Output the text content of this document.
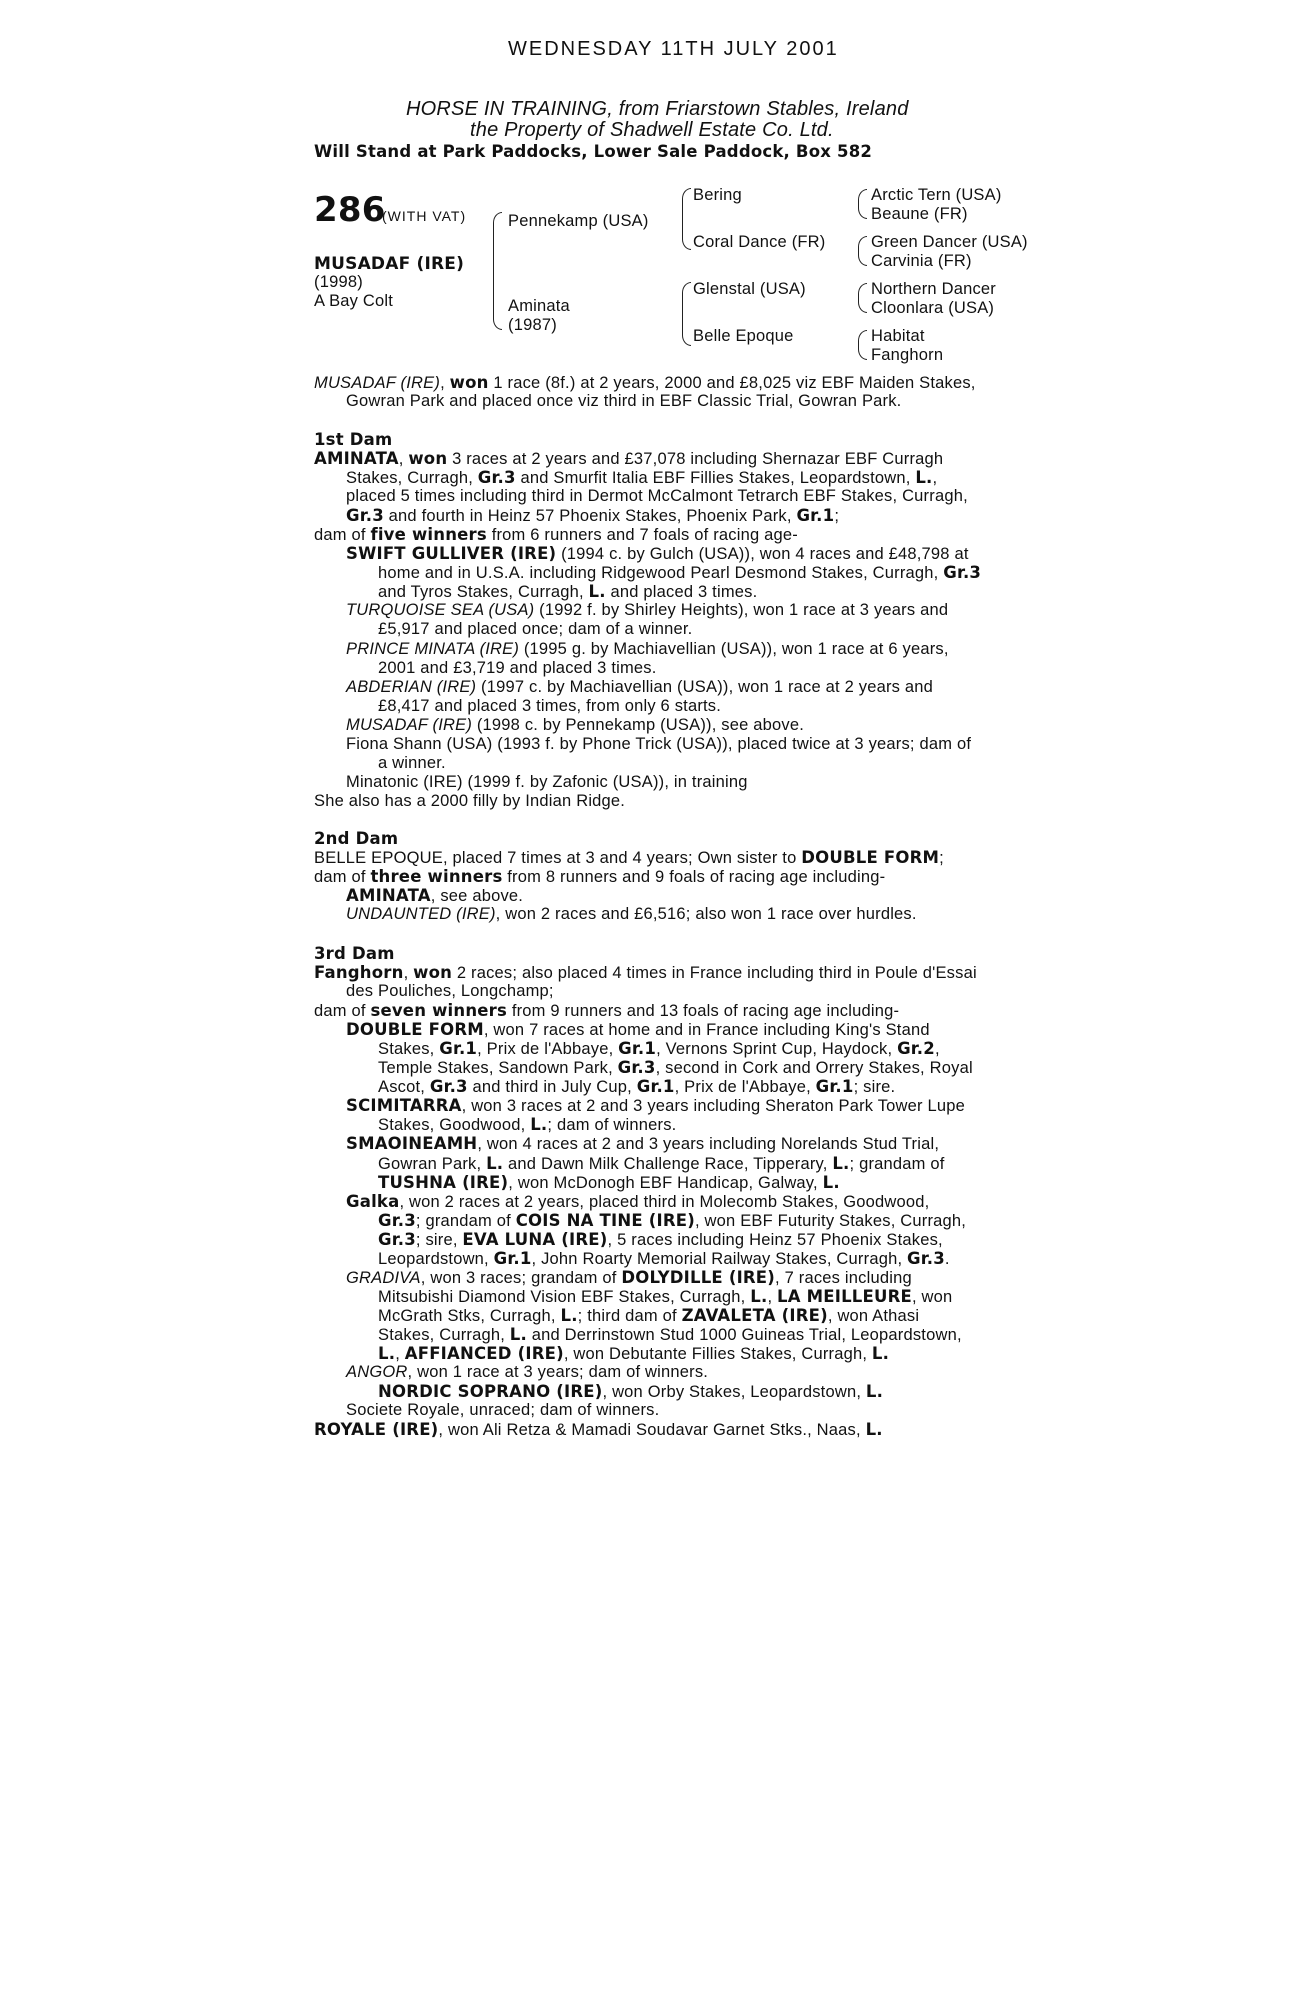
WEDNESDAY 11TH JULY 2001
HORSE IN TRAINING, from Friarstown Stables, Ireland
the Property of Shadwell Estate Co. Ltd.
Will Stand at Park Paddocks, Lower Sale Paddock, Box 582
286
(WITH VAT)
MUSADAF (IRE)
(1998)
A Bay Colt
Pennekamp (USA)
Aminata
(1987)
Bering
Coral Dance (FR)
Glenstal (USA)
Belle Epoque
Arctic Tern (USA)
Beaune (FR)
Green Dancer (USA)
Carvinia (FR)
Northern Dancer
Cloonlara (USA)
Habitat
Fanghorn
MUSADAF (IRE), won 1 race (8f.) at 2 years, 2000 and £8,025 viz EBF Maiden Stakes,
Gowran Park and placed once viz third in EBF Classic Trial, Gowran Park.
1st Dam
AMINATA, won 3 races at 2 years and £37,078 including Shernazar EBF Curragh
Stakes, Curragh, Gr.3 and Smurfit Italia EBF Fillies Stakes, Leopardstown, L.,
placed 5 times including third in Dermot McCalmont Tetrarch EBF Stakes, Curragh,
Gr.3 and fourth in Heinz 57 Phoenix Stakes, Phoenix Park, Gr.1;
dam of five winners from 6 runners and 7 foals of racing age-
SWIFT GULLIVER (IRE) (1994 c. by Gulch (USA)), won 4 races and £48,798 at
home and in U.S.A. including Ridgewood Pearl Desmond Stakes, Curragh, Gr.3
and Tyros Stakes, Curragh, L. and placed 3 times.
TURQUOISE SEA (USA) (1992 f. by Shirley Heights), won 1 race at 3 years and
£5,917 and placed once; dam of a winner.
PRINCE MINATA (IRE) (1995 g. by Machiavellian (USA)), won 1 race at 6 years,
2001 and £3,719 and placed 3 times.
ABDERIAN (IRE) (1997 c. by Machiavellian (USA)), won 1 race at 2 years and
£8,417 and placed 3 times, from only 6 starts.
MUSADAF (IRE) (1998 c. by Pennekamp (USA)), see above.
Fiona Shann (USA) (1993 f. by Phone Trick (USA)), placed twice at 3 years; dam of
a winner.
Minatonic (IRE) (1999 f. by Zafonic (USA)), in training
She also has a 2000 filly by Indian Ridge.
2nd Dam
BELLE EPOQUE, placed 7 times at 3 and 4 years; Own sister to DOUBLE FORM;
dam of three winners from 8 runners and 9 foals of racing age including-
AMINATA, see above.
UNDAUNTED (IRE), won 2 races and £6,516; also won 1 race over hurdles.
3rd Dam
Fanghorn, won 2 races; also placed 4 times in France including third in Poule d'Essai
des Pouliches, Longchamp;
dam of seven winners from 9 runners and 13 foals of racing age including-
DOUBLE FORM, won 7 races at home and in France including King's Stand
Stakes, Gr.1, Prix de l'Abbaye, Gr.1, Vernons Sprint Cup, Haydock, Gr.2,
Temple Stakes, Sandown Park, Gr.3, second in Cork and Orrery Stakes, Royal
Ascot, Gr.3 and third in July Cup, Gr.1, Prix de l'Abbaye, Gr.1; sire.
SCIMITARRA, won 3 races at 2 and 3 years including Sheraton Park Tower Lupe
Stakes, Goodwood, L.; dam of winners.
SMAOINEAMH, won 4 races at 2 and 3 years including Norelands Stud Trial,
Gowran Park, L. and Dawn Milk Challenge Race, Tipperary, L.; grandam of
TUSHNA (IRE), won McDonogh EBF Handicap, Galway, L.
Galka, won 2 races at 2 years, placed third in Molecomb Stakes, Goodwood,
Gr.3; grandam of COIS NA TINE (IRE), won EBF Futurity Stakes, Curragh,
Gr.3; sire, EVA LUNA (IRE), 5 races including Heinz 57 Phoenix Stakes,
Leopardstown, Gr.1, John Roarty Memorial Railway Stakes, Curragh, Gr.3.
GRADIVA, won 3 races; grandam of DOLYDILLE (IRE), 7 races including
Mitsubishi Diamond Vision EBF Stakes, Curragh, L., LA MEILLEURE, won
McGrath Stks, Curragh, L.; third dam of ZAVALETA (IRE), won Athasi
Stakes, Curragh, L. and Derrinstown Stud 1000 Guineas Trial, Leopardstown,
L., AFFIANCED (IRE), won Debutante Fillies Stakes, Curragh, L.
ANGOR, won 1 race at 3 years; dam of winners.
NORDIC SOPRANO (IRE), won Orby Stakes, Leopardstown, L.
Societe Royale, unraced; dam of winners.
ROYALE (IRE), won Ali Retza & Mamadi Soudavar Garnet Stks., Naas, L.
